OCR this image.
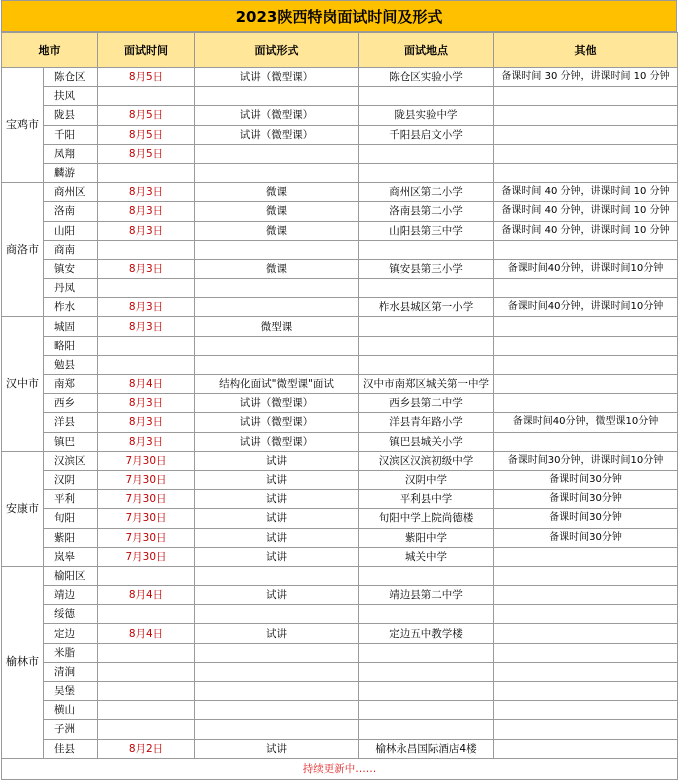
2023陕西特岗面试时间及形式
地市		面试时间	面试形式	面试地点	其他
宝鸡市	陈仓区	8月5日	试讲（微型课）	陈仓区实验小学	备课时间 30 分钟，讲课时间 10 分钟
	扶风				
	陇县	8月5日	试讲（微型课）	陇县实验中学	
	千阳	8月5日	试讲（微型课）	千阳县启文小学	
	凤翔	8月5日			
	麟游				
商洛市	商州区	8月3日	微课	商州区第二小学	备课时间 40 分钟，讲课时间 10 分钟
	洛南	8月3日	微课	洛南县第二小学	备课时间 40 分钟，讲课时间 10 分钟
	山阳	8月3日	微课	山阳县第三中学	备课时间 40 分钟，讲课时间 10 分钟
	商南				
	镇安	8月3日	微课	镇安县第三小学	备课时间40分钟，讲课时间10分钟
	丹凤				
	柞水	8月3日		柞水县城区第一小学	备课时间40分钟，讲课时间10分钟
汉中市	城固	8月3日	微型课		
	略阳				
	勉县				
	南郑	8月4日	结构化面试"微型课"面试	汉中市南郑区城关第一中学	
	西乡	8月3日	试讲（微型课）	西乡县第二中学	
	洋县	8月3日	试讲（微型课）	洋县青年路小学	备课时间40分钟，微型课10分钟
	镇巴	8月3日	试讲（微型课）	镇巴县城关小学	
安康市	汉滨区	7月30日	试讲	汉滨区汉滨初级中学	备课时间30分钟，讲课时间10分钟
	汉阴	7月30日	试讲	汉阴中学	备课时间30分钟
	平利	7月30日	试讲	平利县中学	备课时间30分钟
	旬阳	7月30日	试讲	旬阳中学上院尚德楼	备课时间30分钟
	紫阳	7月30日	试讲	紫阳中学	备课时间30分钟
	岚皋	7月30日	试讲	城关中学	
榆林市	榆阳区				
	靖边	8月4日	试讲	靖边县第二中学	
	绥德				
	定边	8月4日	试讲	定边五中教学楼	
	米脂				
	清涧				
	吴堡				
	横山				
	子洲				
	佳县	8月2日	试讲	榆林永昌国际酒店4楼	
持续更新中……					
